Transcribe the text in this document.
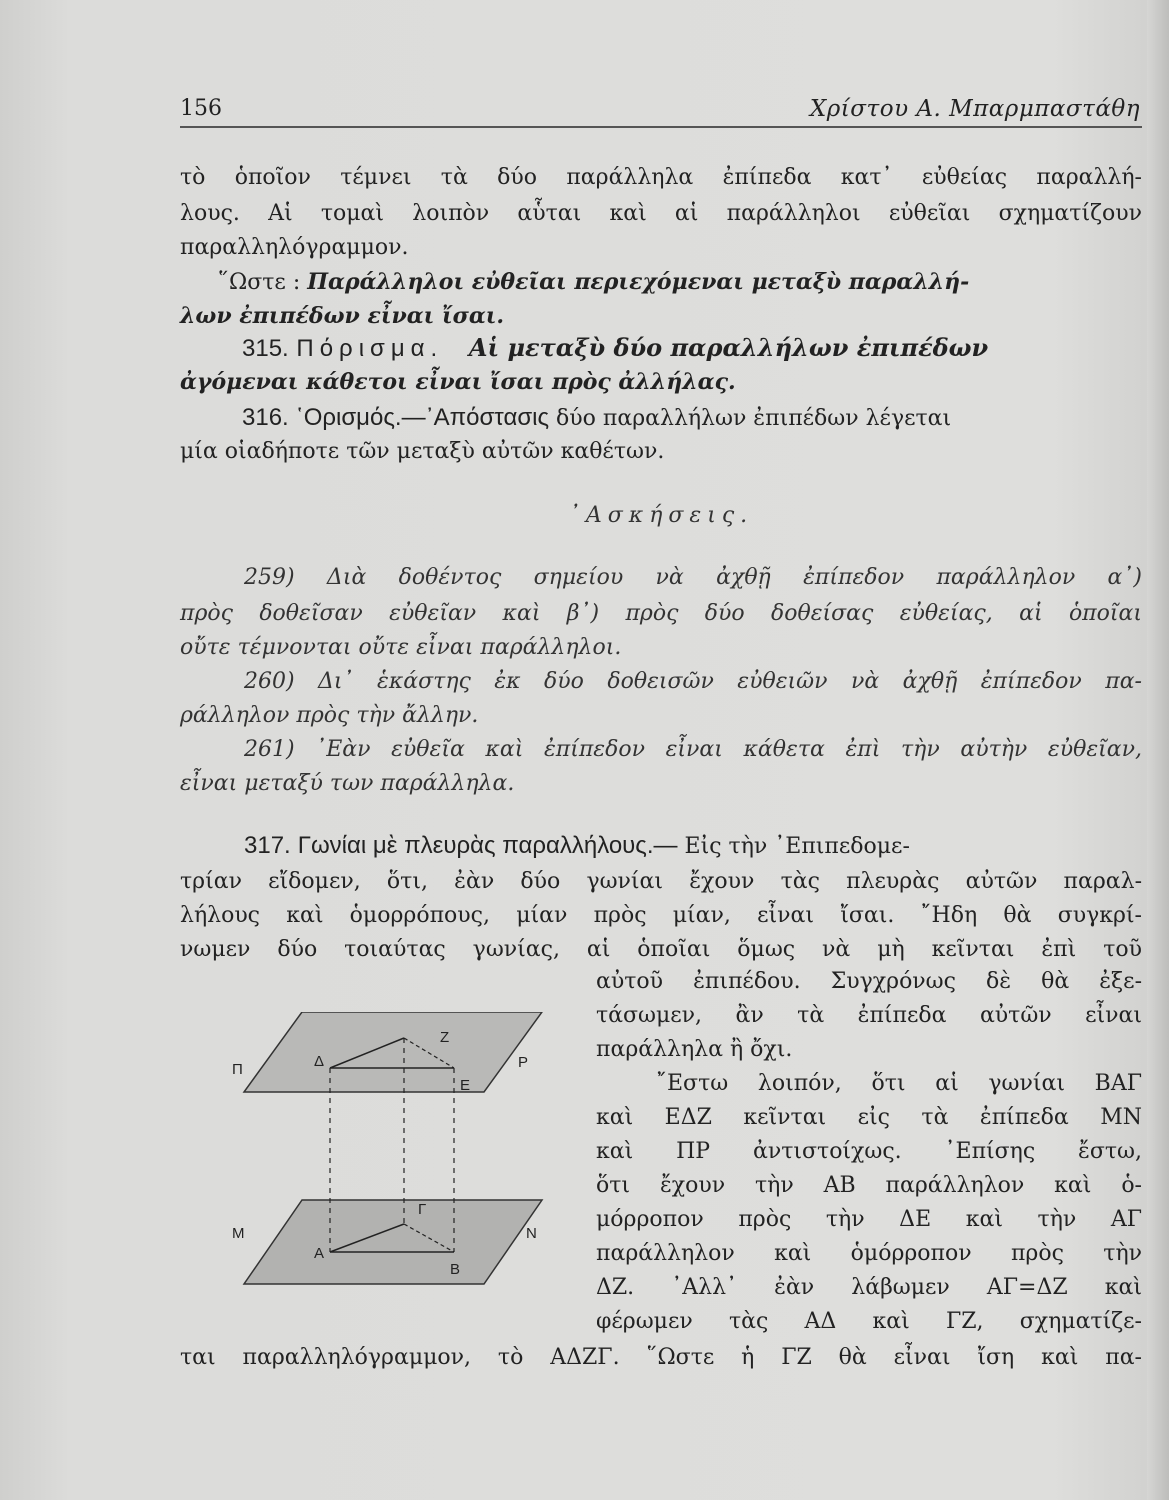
156	Χρίστου Α. Μπαρμπαστάθη
τὸ ὁποῖον τέμνει τὰ δύο παράλληλα ἐπίπεδα κατ᾽ εὐθείας παραλλή-
λους. Αἱ τομαὶ λοιπὸν αὗται καὶ αἱ παράλληλοι εὐθεῖαι σχηματίζουν
παραλληλόγραμμον.
῞Ωστε : Παράλληλοι εὐθεῖαι περιεχόμεναι μεταξὺ παραλλή-
λων ἐπιπέδων εἶναι ἴσαι.
315. Πόρισμα. Αἱ μεταξὺ δύο παραλλήλων ἐπιπέδων
ἀγόμεναι κάθετοι εἶναι ἴσαι πρὸς ἀλλήλας.
316. ῾Ορισμός.—᾽Απόστασις δύο παραλλήλων ἐπιπέδων λέγεται
μία οἱαδήποτε τῶν μεταξὺ αὐτῶν καθέτων.
᾽Ασκήσεις.
259) Διὰ δοθέντος σημείου νὰ ἀχθῇ ἐπίπεδον παράλληλον α᾽)
πρὸς δοθεῖσαν εὐθεῖαν καὶ β᾽) πρὸς δύο δοθείσας εὐθείας, αἱ ὁποῖαι
οὔτε τέμνονται οὔτε εἶναι παράλληλοι.
260) Δι᾽ ἑκάστης ἐκ δύο δοθεισῶν εὐθειῶν νὰ ἀχθῇ ἐπίπεδον πα-
ράλληλον πρὸς τὴν ἄλλην.
261) ᾽Εὰν εὐθεῖα καὶ ἐπίπεδον εἶναι κάθετα ἐπὶ τὴν αὐτὴν εὐθεῖαν,
εἶναι μεταξύ των παράλληλα.
317. Γωνίαι μὲ πλευρὰς παραλλήλους.— Εἰς τὴν ᾽Επιπεδομε-
τρίαν εἴδομεν, ὅτι, ἐὰν δύο γωνίαι ἔχουν τὰς πλευρὰς αὐτῶν παραλ-
λήλους καὶ ὁμορρόπους, μίαν πρὸς μίαν, εἶναι ἴσαι. ῎Ηδη θὰ συγκρί-
νωμεν δύο τοιαύτας γωνίας, αἱ ὁποῖαι ὅμως νὰ μὴ κεῖνται ἐπὶ τοῦ
αὐτοῦ ἐπιπέδου. Συγχρόνως δὲ θὰ ἐξε-
τάσωμεν, ἂν τὰ ἐπίπεδα αὐτῶν εἶναι
παράλληλα ἢ ὄχι.
῎Εστω λοιπόν, ὅτι αἱ γωνίαι ΒΑΓ
καὶ ΕΔΖ κεῖνται εἰς τὰ ἐπίπεδα ΜΝ
καὶ ΠΡ ἀντιστοίχως. ᾽Επίσης ἔστω,
ὅτι ἔχουν τὴν ΑΒ παράλληλον καὶ ὁ-
μόρροπον πρὸς τὴν ΔΕ καὶ τὴν ΑΓ
παράλληλον καὶ ὁμόρροπον πρὸς τὴν
ΔΖ. ᾽Αλλ᾽ ἐὰν λάβωμεν ΑΓ=ΔΖ καὶ
φέρωμεν τὰς ΑΔ καὶ ΓΖ, σχηματίζε-
ται παραλληλόγραμμον, τὸ ΑΔΖΓ. ῞Ωστε ἡ ΓΖ θὰ εἶναι ἴση καὶ πα-
Π	Ρ
Δ
Ε
Ζ
Μ	Ν
Α
Β
Γ
